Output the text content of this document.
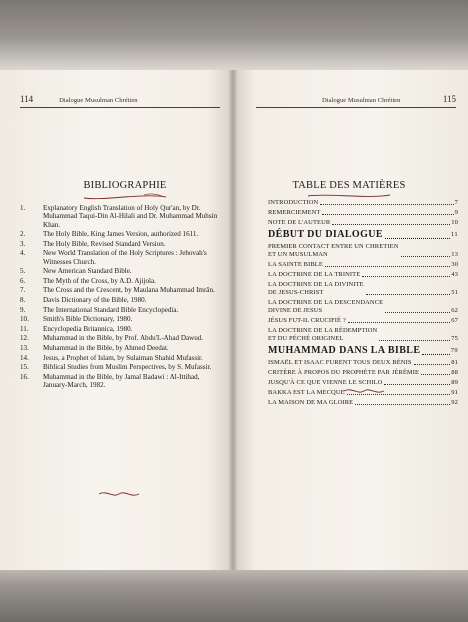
114	Dialogue Musulman Chrétien	Dialogue Musulman Chrétien	115
BIBLIOGRAPHIE
1.	Explanatory English Translation of Holy Qur'an, by Dr. Muhammad Taqui-Din Al-Hilali and Dr. Muhammad Muhsin Khan.
2.	The Holy Bible, King James Version, authorized 1611.
3.	The Holy Bible, Revised Standard Version.
4.	New World Translation of the Holy Scriptures : Jehovah's Witnesses Church.
5.	New American Standard Bible.
6.	The Myth of the Cross, by A.D. Ajijola.
7.	The Cross and the Crescent, by Maulana Muhammad Imrân.
8.	Davis Dictionary of the Bible, 1980.
9.	The International Standard Bible Encyclopedia.
10.	Smith's Bible Dictionary, 1980.
11.	Encyclopedia Britannica, 1980.
12.	Muhammad in the Bible, by Prof. Abdu'L-Ahad Dawud.
13.	Muhammad in the Bible, by Ahmed Deedat.
14.	Jesus, a Prophet of Islam, by Sulaiman Shahid Mufassir.
15.	Biblical Studies from Muslim Perspectives, by S. Mufassir.
16.	Muhammad in the Bible, by Jamal Badawi : Al-Ittihad, January-March, 1982.
TABLE DES MATIÈRES
INTRODUCTION	7
REMERCIEMENT	9
NOTE DE L'AUTEUR	10
DÉBUT DU DIALOGUE	11
PREMIER CONTACT ENTRE UN CHRETIEN
ET UN MUSULMAN	13
LA SAINTE BIBLE	30
LA DOCTRINE DE LA TRINITE	43
LA DOCTRINE DE LA DIVINITE
DE JESUS-CHRIST	51
LA DOCTRINE DE LA DESCENDANCE
DIVINE DE JESUS	62
JÉSUS FUT-IL CRUCIFIÉ ?	67
LA DOCTRINE DE LA RÉDEMPTION
ET DU PÉCHÉ ORIGINEL	75
MUHAMMAD DANS LA BIBLE	79
ISMAËL ET ISAAC FURENT TOUS DEUX BÉNIS	81
CRITÈRE À PROPOS DU PROPHÈTE PAR JÉRÉMIE	88
JUSQU'À CE QUE VIENNE LE SCHILO	89
BAKKA EST LA MECQUE	91
LA MAISON DE MA GLOIRE	92
